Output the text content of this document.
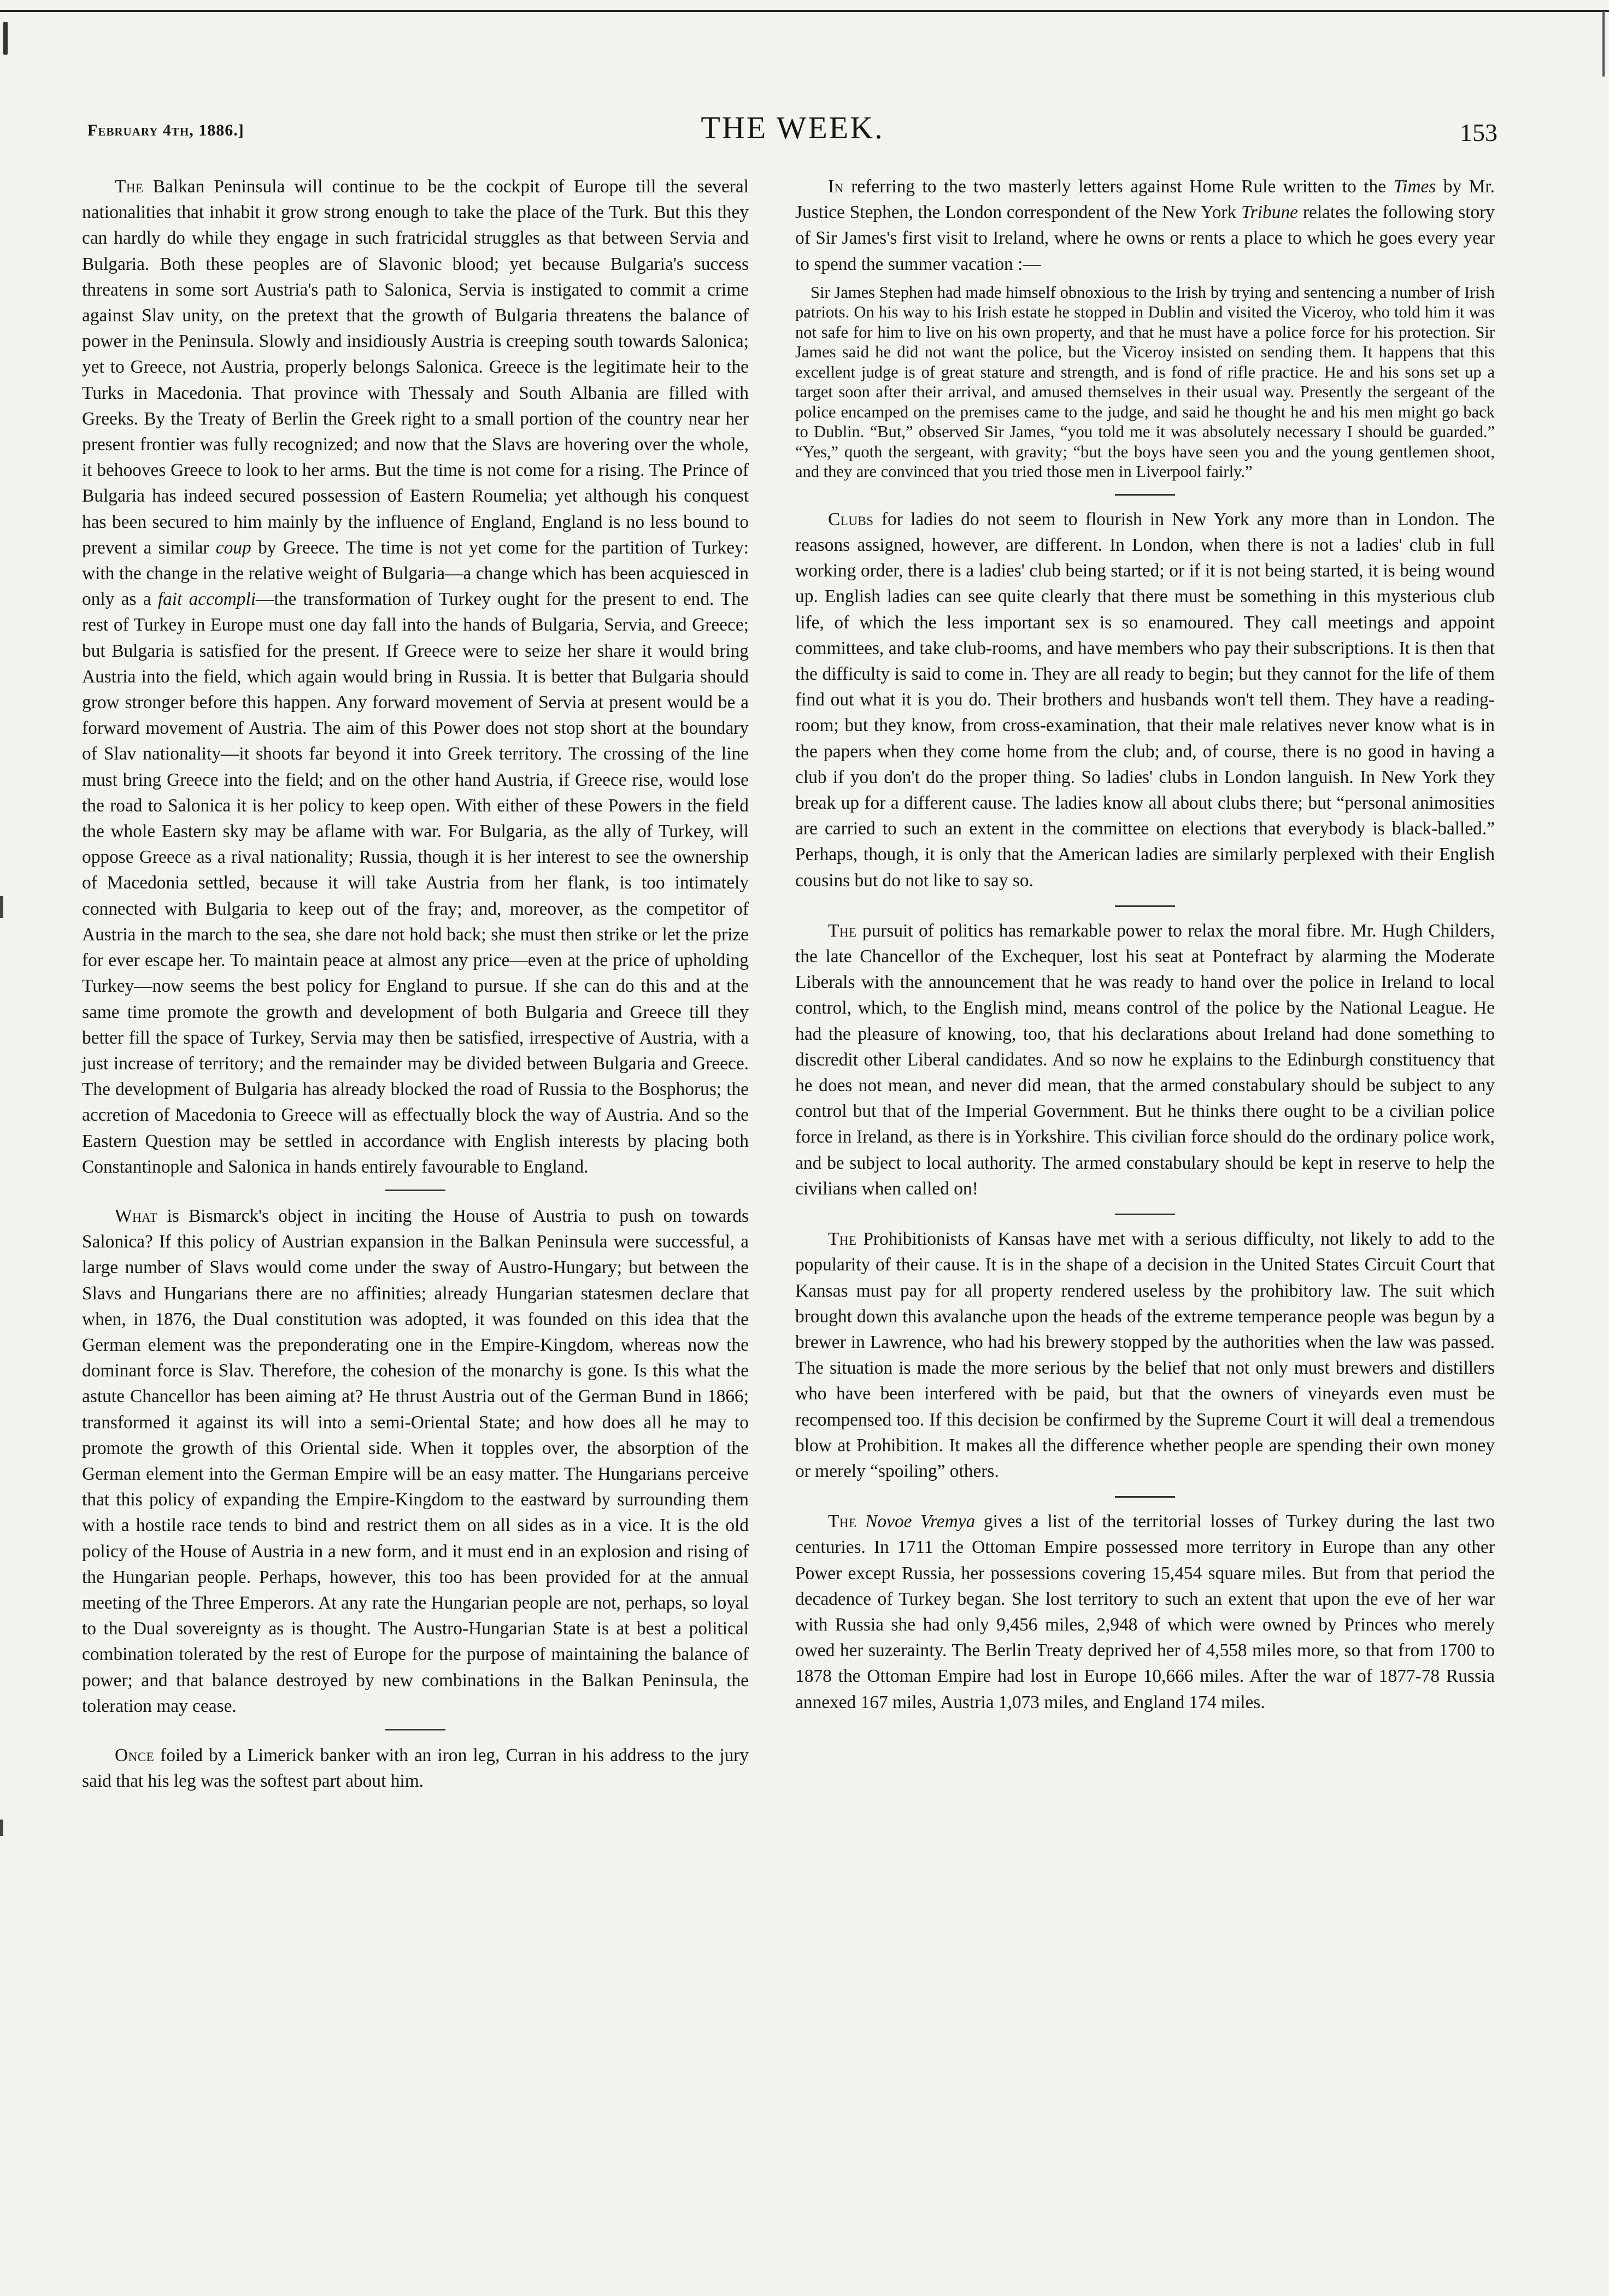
February 4th, 1886.]	THE WEEK.	153

The Balkan Peninsula will continue to be the cockpit of Europe till the several nationalities that inhabit it grow strong enough to take the place of the Turk. But this they can hardly do while they engage in such fratricidal struggles as that between Servia and Bulgaria. Both these peoples are of Slavonic blood; yet because Bulgaria's success threatens in some sort Austria's path to Salonica, Servia is instigated to commit a crime against Slav unity, on the pretext that the growth of Bulgaria threatens the balance of power in the Peninsula. Slowly and insidiously Austria is creeping south towards Salonica; yet to Greece, not Austria, properly belongs Salonica. Greece is the legitimate heir to the Turks in Macedonia. That province with Thessaly and South Albania are filled with Greeks. By the Treaty of Berlin the Greek right to a small portion of the country near her present frontier was fully recognized; and now that the Slavs are hovering over the whole, it behooves Greece to look to her arms. But the time is not come for a rising. The Prince of Bulgaria has indeed secured possession of Eastern Roumelia; yet although his conquest has been secured to him mainly by the influence of England, England is no less bound to prevent a similar coup by Greece. The time is not yet come for the partition of Turkey: with the change in the relative weight of Bulgaria—a change which has been acquiesced in only as a fait accompli—the transformation of Turkey ought for the present to end. The rest of Turkey in Europe must one day fall into the hands of Bulgaria, Servia, and Greece; but Bulgaria is satisfied for the present. If Greece were to seize her share it would bring Austria into the field, which again would bring in Russia. It is better that Bulgaria should grow stronger before this happen. Any forward movement of Servia at present would be a forward movement of Austria. The aim of this Power does not stop short at the boundary of Slav nationality—it shoots far beyond it into Greek territory. The crossing of the line must bring Greece into the field; and on the other hand Austria, if Greece rise, would lose the road to Salonica it is her policy to keep open. With either of these Powers in the field the whole Eastern sky may be aflame with war. For Bulgaria, as the ally of Turkey, will oppose Greece as a rival nationality; Russia, though it is her interest to see the ownership of Macedonia settled, because it will take Austria from her flank, is too intimately connected with Bulgaria to keep out of the fray; and, moreover, as the competitor of Austria in the march to the sea, she dare not hold back; she must then strike or let the prize for ever escape her. To maintain peace at almost any price—even at the price of upholding Turkey—now seems the best policy for England to pursue. If she can do this and at the same time promote the growth and development of both Bulgaria and Greece till they better fill the space of Turkey, Servia may then be satisfied, irrespective of Austria, with a just increase of territory; and the remainder may be divided between Bulgaria and Greece. The development of Bulgaria has already blocked the road of Russia to the Bosphorus; the accretion of Macedonia to Greece will as effectually block the way of Austria. And so the Eastern Question may be settled in accordance with English interests by placing both Constantinople and Salonica in hands entirely favourable to England.

What is Bismarck's object in inciting the House of Austria to push on towards Salonica? If this policy of Austrian expansion in the Balkan Peninsula were successful, a large number of Slavs would come under the sway of Austro-Hungary; but between the Slavs and Hungarians there are no affinities; already Hungarian statesmen declare that when, in 1876, the Dual constitution was adopted, it was founded on this idea that the German element was the preponderating one in the Empire-Kingdom, whereas now the dominant force is Slav. Therefore, the cohesion of the monarchy is gone. Is this what the astute Chancellor has been aiming at? He thrust Austria out of the German Bund in 1866; transformed it against its will into a semi-Oriental State; and how does all he may to promote the growth of this Oriental side. When it topples over, the absorption of the German element into the German Empire will be an easy matter. The Hungarians perceive that this policy of expanding the Empire-Kingdom to the eastward by surrounding them with a hostile race tends to bind and restrict them on all sides as in a vice. It is the old policy of the House of Austria in a new form, and it must end in an explosion and rising of the Hungarian people. Perhaps, however, this too has been provided for at the annual meeting of the Three Emperors. At any rate the Hungarian people are not, perhaps, so loyal to the Dual sovereignty as is thought. The Austro-Hungarian State is at best a political combination tolerated by the rest of Europe for the purpose of maintaining the balance of power; and that balance destroyed by new combinations in the Balkan Peninsula, the toleration may cease.

Once foiled by a Limerick banker with an iron leg, Curran in his address to the jury said that his leg was the softest part about him.

In referring to the two masterly letters against Home Rule written to the Times by Mr. Justice Stephen, the London correspondent of the New York Tribune relates the following story of Sir James's first visit to Ireland, where he owns or rents a place to which he goes every year to spend the summer vacation :—

Sir James Stephen had made himself obnoxious to the Irish by trying and sentencing a number of Irish patriots. On his way to his Irish estate he stopped in Dublin and visited the Viceroy, who told him it was not safe for him to live on his own property, and that he must have a police force for his protection. Sir James said he did not want the police, but the Viceroy insisted on sending them. It happens that this excellent judge is of great stature and strength, and is fond of rifle practice. He and his sons set up a target soon after their arrival, and amused themselves in their usual way. Presently the sergeant of the police encamped on the premises came to the judge, and said he thought he and his men might go back to Dublin. “But,” observed Sir James, “you told me it was absolutely necessary I should be guarded.” “Yes,” quoth the sergeant, with gravity; “but the boys have seen you and the young gentlemen shoot, and they are convinced that you tried those men in Liverpool fairly.”

Clubs for ladies do not seem to flourish in New York any more than in London. The reasons assigned, however, are different. In London, when there is not a ladies' club in full working order, there is a ladies' club being started; or if it is not being started, it is being wound up. English ladies can see quite clearly that there must be something in this mysterious club life, of which the less important sex is so enamoured. They call meetings and appoint committees, and take club-rooms, and have members who pay their subscriptions. It is then that the difficulty is said to come in. They are all ready to begin; but they cannot for the life of them find out what it is you do. Their brothers and husbands won't tell them. They have a reading-room; but they know, from cross-examination, that their male relatives never know what is in the papers when they come home from the club; and, of course, there is no good in having a club if you don't do the proper thing. So ladies' clubs in London languish. In New York they break up for a different cause. The ladies know all about clubs there; but “personal animosities are carried to such an extent in the committee on elections that everybody is black-balled.” Perhaps, though, it is only that the American ladies are similarly perplexed with their English cousins but do not like to say so.

The pursuit of politics has remarkable power to relax the moral fibre. Mr. Hugh Childers, the late Chancellor of the Exchequer, lost his seat at Pontefract by alarming the Moderate Liberals with the announcement that he was ready to hand over the police in Ireland to local control, which, to the English mind, means control of the police by the National League. He had the pleasure of knowing, too, that his declarations about Ireland had done something to discredit other Liberal candidates. And so now he explains to the Edinburgh constituency that he does not mean, and never did mean, that the armed constabulary should be subject to any control but that of the Imperial Government. But he thinks there ought to be a civilian police force in Ireland, as there is in Yorkshire. This civilian force should do the ordinary police work, and be subject to local authority. The armed constabulary should be kept in reserve to help the civilians when called on!

The Prohibitionists of Kansas have met with a serious difficulty, not likely to add to the popularity of their cause. It is in the shape of a decision in the United States Circuit Court that Kansas must pay for all property rendered useless by the prohibitory law. The suit which brought down this avalanche upon the heads of the extreme temperance people was begun by a brewer in Lawrence, who had his brewery stopped by the authorities when the law was passed. The situation is made the more serious by the belief that not only must brewers and distillers who have been interfered with be paid, but that the owners of vineyards even must be recompensed too. If this decision be confirmed by the Supreme Court it will deal a tremendous blow at Prohibition. It makes all the difference whether people are spending their own money or merely “spoiling” others.

The Novoe Vremya gives a list of the territorial losses of Turkey during the last two centuries. In 1711 the Ottoman Empire possessed more territory in Europe than any other Power except Russia, her possessions covering 15,454 square miles. But from that period the decadence of Turkey began. She lost territory to such an extent that upon the eve of her war with Russia she had only 9,456 miles, 2,948 of which were owned by Princes who merely owed her suzerainty. The Berlin Treaty deprived her of 4,558 miles more, so that from 1700 to 1878 the Ottoman Empire had lost in Europe 10,666 miles. After the war of 1877-78 Russia annexed 167 miles, Austria 1,073 miles, and England 174 miles.
